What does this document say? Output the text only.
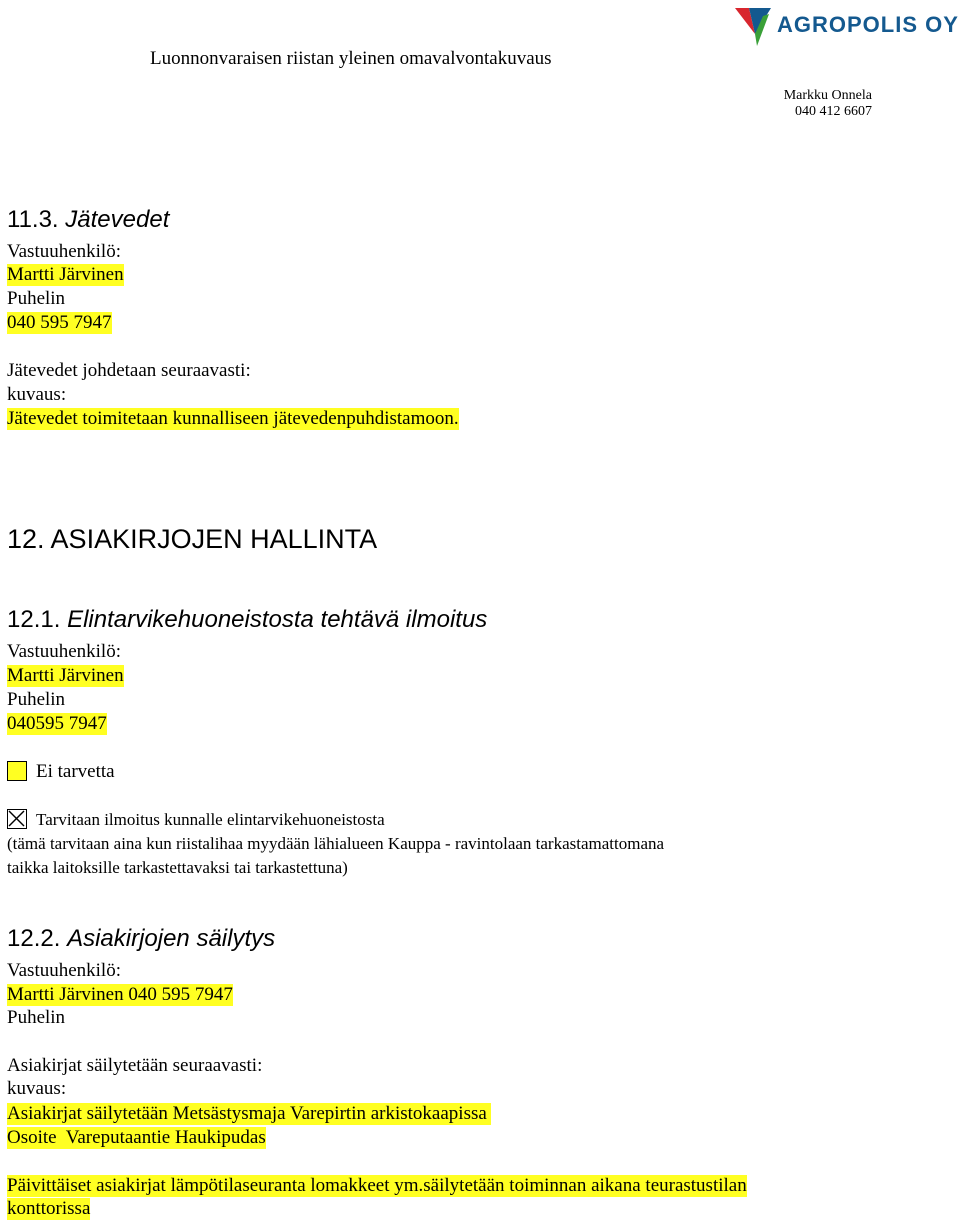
AGROPOLIS OY
Luonnonvaraisen riistan yleinen omavalvontakuvaus
Markku Onnela
040 412 6607
11.3. Jätevedet
Vastuuhenkilö:
Martti Järvinen
Puhelin
040 595 7947
Jätevedet johdetaan seuraavasti:
kuvaus:
Jätevedet toimitetaan kunnalliseen jätevedenpuhdistamoon.
12. ASIAKIRJOJEN HALLINTA
12.1. Elintarvikehuoneistosta tehtävä ilmoitus
Vastuuhenkilö:
Martti Järvinen
Puhelin
040595 7947
Ei tarvetta
Tarvitaan ilmoitus kunnalle elintarvikehuoneistosta
(tämä tarvitaan aina kun riistalihaa myydään lähialueen Kauppa - ravintolaan tarkastamattomana
taikka laitoksille tarkastettavaksi tai tarkastettuna)
12.2. Asiakirjojen säilytys
Vastuuhenkilö:
Martti Järvinen 040 595 7947
Puhelin
Asiakirjat säilytetään seuraavasti:
kuvaus:
Asiakirjat säilytetään Metsästysmaja Varepirtin arkistokaapissa
Osoite  Vareputaantie Haukipudas
Päivittäiset asiakirjat lämpötilaseuranta lomakkeet ym.säilytetään toiminnan aikana teurastustilan
konttorissa
